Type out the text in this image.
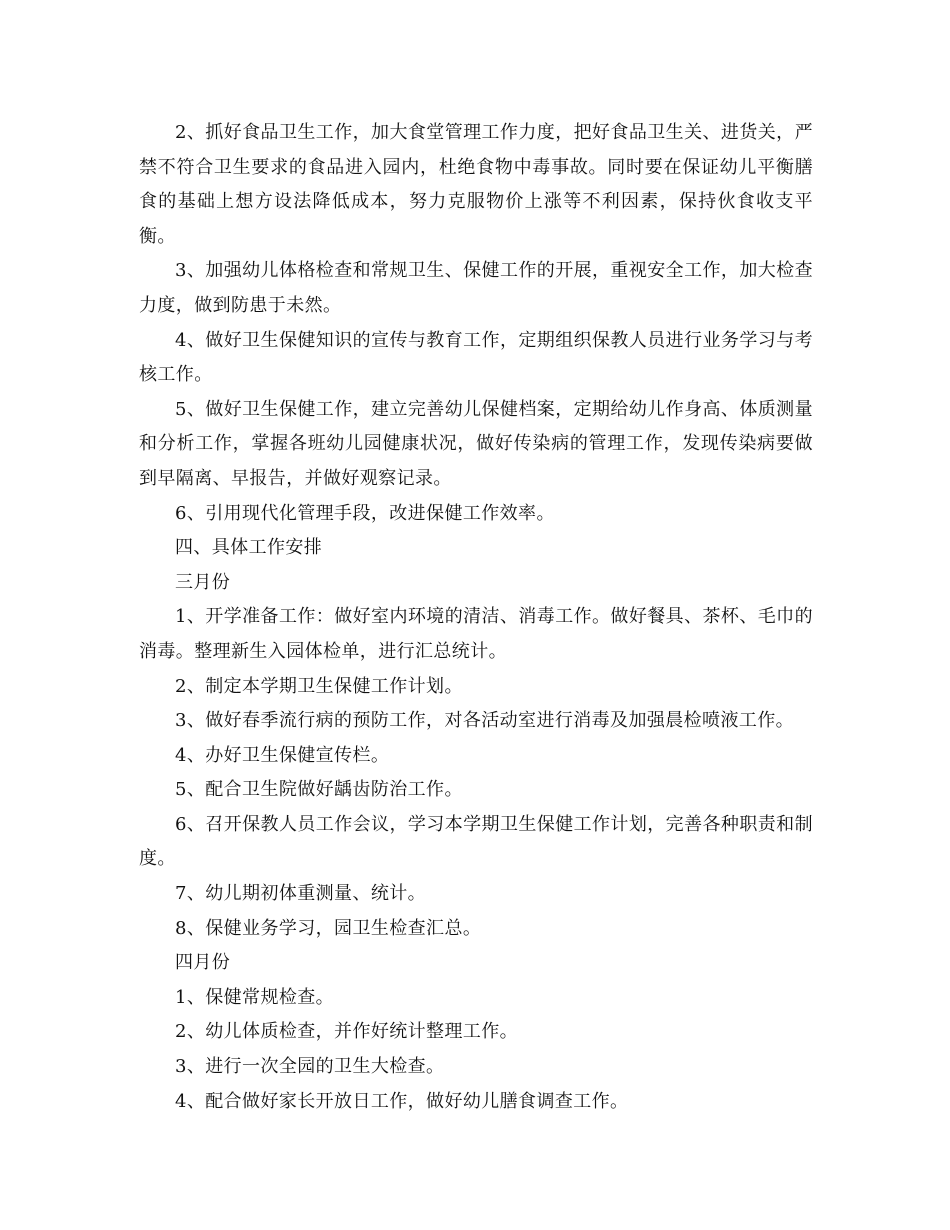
2、抓好食品卫生工作，加大食堂管理工作力度，把好食品卫生关、进货关，严禁不符合卫生要求的食品进入园内，杜绝食物中毒事故。同时要在保证幼儿平衡膳食的基础上想方设法降低成本，努力克服物价上涨等不利因素，保持伙食收支平衡。

3、加强幼儿体格检查和常规卫生、保健工作的开展，重视安全工作，加大检查力度，做到防患于未然。

4、做好卫生保健知识的宣传与教育工作，定期组织保教人员进行业务学习与考核工作。

5、做好卫生保健工作，建立完善幼儿保健档案，定期给幼儿作身高、体质测量和分析工作，掌握各班幼儿园健康状况，做好传染病的管理工作，发现传染病要做到早隔离、早报告，并做好观察记录。

6、引用现代化管理手段，改进保健工作效率。

四、具体工作安排

三月份

1、开学准备工作：做好室内环境的清洁、消毒工作。做好餐具、茶杯、毛巾的消毒。整理新生入园体检单，进行汇总统计。

2、制定本学期卫生保健工作计划。

3、做好春季流行病的预防工作，对各活动室进行消毒及加强晨检喷液工作。

4、办好卫生保健宣传栏。

5、配合卫生院做好龋齿防治工作。

6、召开保教人员工作会议，学习本学期卫生保健工作计划，完善各种职责和制度。

7、幼儿期初体重测量、统计。

8、保健业务学习，园卫生检查汇总。

四月份

1、保健常规检查。

2、幼儿体质检查，并作好统计整理工作。

3、进行一次全园的卫生大检查。

4、配合做好家长开放日工作，做好幼儿膳食调查工作。
